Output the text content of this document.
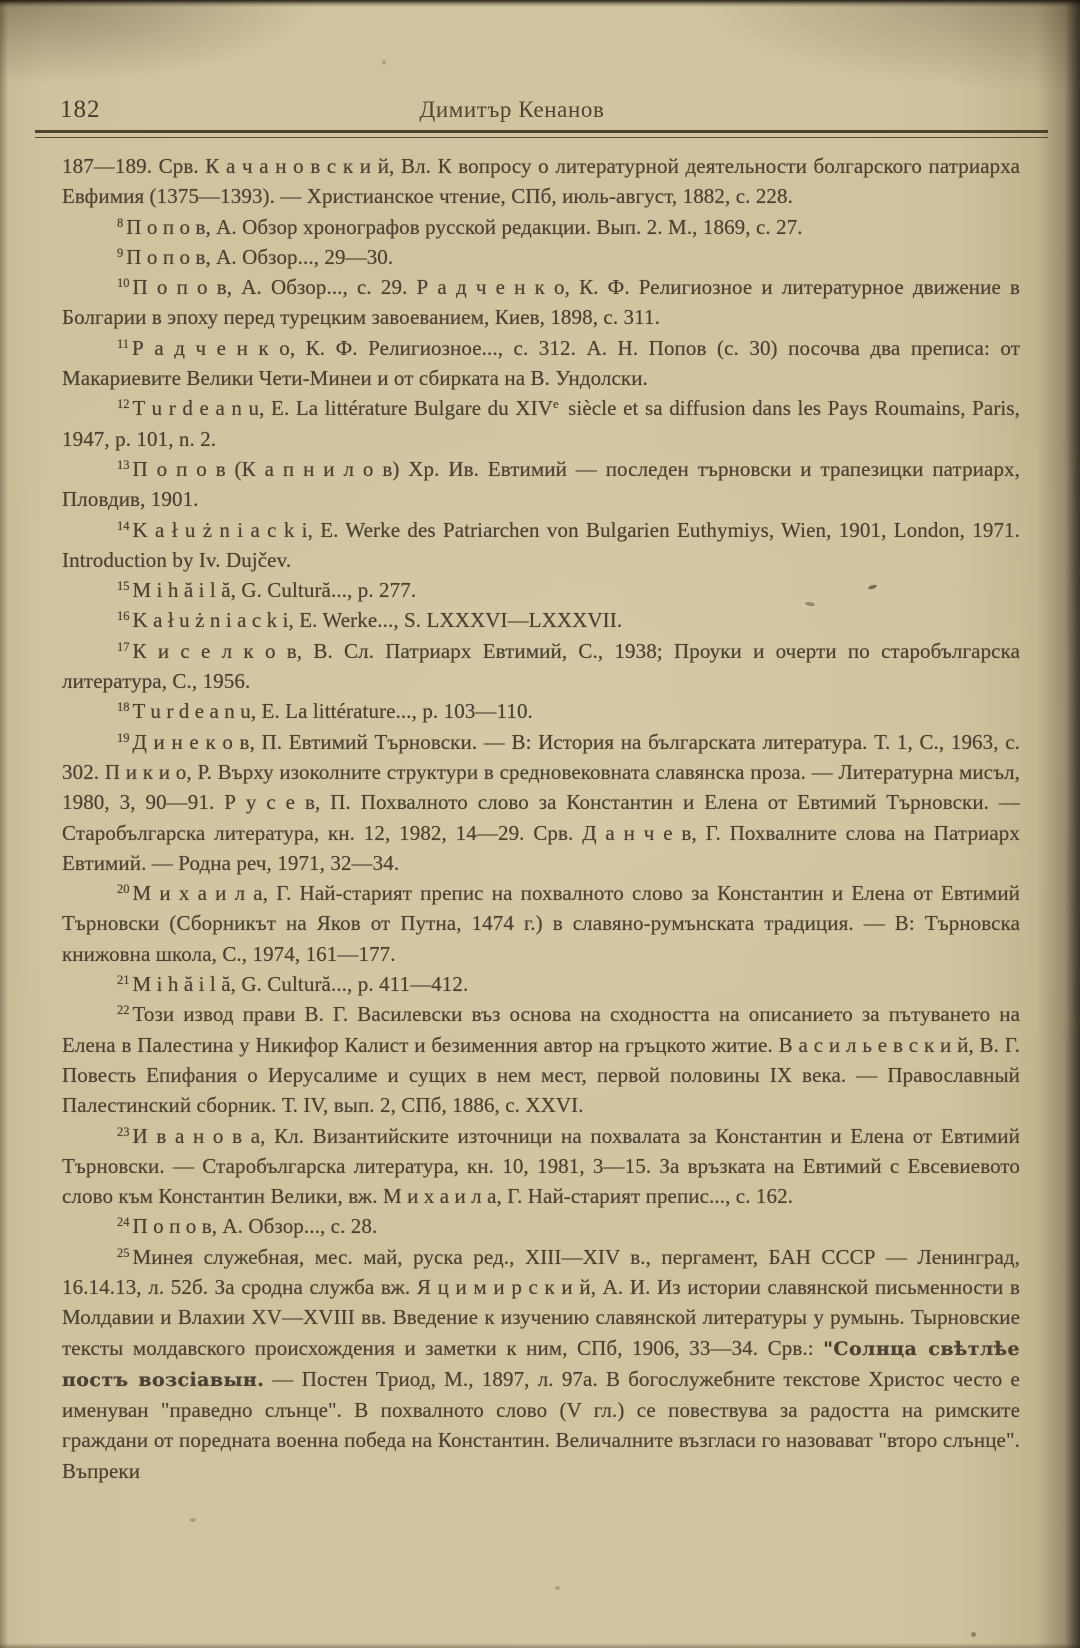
182	Димитър Кенанов

187—189. Срв. К а ч а н о в с к и й, Вл. К вопросу о литературной деятельности болгарского патриарха Евфимия (1375—1393). — Христианское чтение, СПб, июль-август, 1882, с. 228.

$^8$ П о п о в, А. Обзор хронографов русской редакции. Вып. 2. М., 1869, с. 27.

$^9$ П о п о в, А. Обзор..., 29—30.

$^{10}$ П о п о в, А. Обзор..., с. 29. Р а д ч е н к о, К. Ф. Религиозное и литературное движение в Болгарии в эпоху перед турецким завоеванием, Киев, 1898, с. 311.

$^{11}$ Р а д ч е н к о, К. Ф. Религиозное..., с. 312. А. Н. Попов (с. 30) посочва два преписа: от Макариевите Велики Чети-Минеи и от сбирката на В. Ундолски.

$^{12}$ T u r d e a n u, E. La littérature Bulgare du XIVe siècle et sa diffusion dans les Pays Roumains, Paris, 1947, p. 101, n. 2.

$^{13}$ П о п о в (К а п н и л о в) Хр. Ив. Евтимий — последен търновски и трапезицки патриарх, Пловдив, 1901.

$^{14}$ K a ł u ż n i a c k i, E. Werke des Patriarchen von Bulgarien Euthymiys, Wien, 1901, London, 1971. Introduction by Iv. Dujčev.

$^{15}$ M i h ă i l ă, G. Cultură..., p. 277.

$^{16}$ K a ł u ż n i a c k i, E. Werke..., S. LXXXVI—LXXXVII.

$^{17}$ К и с е л к о в, В. Сл. Патриарх Евтимий, С., 1938; Проуки и очерти по старобългарска литература, С., 1956.

$^{18}$ T u r d e a n u, E. La littérature..., p. 103—110.

$^{19}$ Д и н е к о в, П. Евтимий Търновски. — В: История на българската литература. Т. 1, С., 1963, с. 302. П и к и о, Р. Върху изоколните структури в средновековната славянска проза. — Литературна мисъл, 1980, 3, 90—91. Р у с е в, П. Похвалното слово за Константин и Елена от Евтимий Търновски. — Старобългарска литература, кн. 12, 1982, 14—29. Срв. Д а н ч е в, Г. Похвалните слова на Патриарх Евтимий. — Родна реч, 1971, 32—34.

$^{20}$ М и х а и л а, Г. Най-старият препис на похвалното слово за Константин и Елена от Евтимий Търновски (Сборникът на Яков от Путна, 1474 г.) в славяно-румънската традиция. — В: Търновска книжовна школа, С., 1974, 161—177.

$^{21}$ M i h ă i l ă, G. Cultură..., p. 411—412.

$^{22}$ Този извод прави В. Г. Василевски въз основа на сходността на описанието за пътуването на Елена в Палестина у Никифор Калист и безименния автор на гръцкото житие. В а с и л ь е в с к и й, В. Г. Повесть Епифания о Иерусалиме и сущих в нем мест, первой половины IX века. — Православный Палестинский сборник. Т. IV, вып. 2, СПб, 1886, с. XXVI.

$^{23}$ И в а н о в а, Кл. Византийските източници на похвалата за Константин и Елена от Евтимий Търновски. — Старобългарска литература, кн. 10, 1981, 3—15. За връзката на Евтимий с Евсевиевото слово към Константин Велики, вж. М и х а и л а, Г. Най-старият препис..., с. 162.

$^{24}$ П о п о в, А. Обзор..., с. 28.

$^{25}$ Минея служебная, мес. май, руска ред., XIII—XIV в., пергамент, БАН СССР — Ленинград, 16.14.13, л. 52б. За сродна служба вж. Я ц и м и р с к и й, А. И. Из истории славянской письменности в Молдавии и Влахии XV—XVIII вв. Введение к изучению славянской литературы у румынь. Тырновские тексты молдавского происхождения и заметки к ним, СПб, 1906, 33—34. Срв.: "Солнца свѣтлѣе постъ возсіавын. — Постен Триод, М., 1897, л. 97а. В богослужебните текстове Христос често е именуван "праведно слънце". В похвалното слово (V гл.) се повествува за радостта на римските граждани от поредната военна победа на Константин. Величалните възгласи го назовават "второ слънце". Въпреки
